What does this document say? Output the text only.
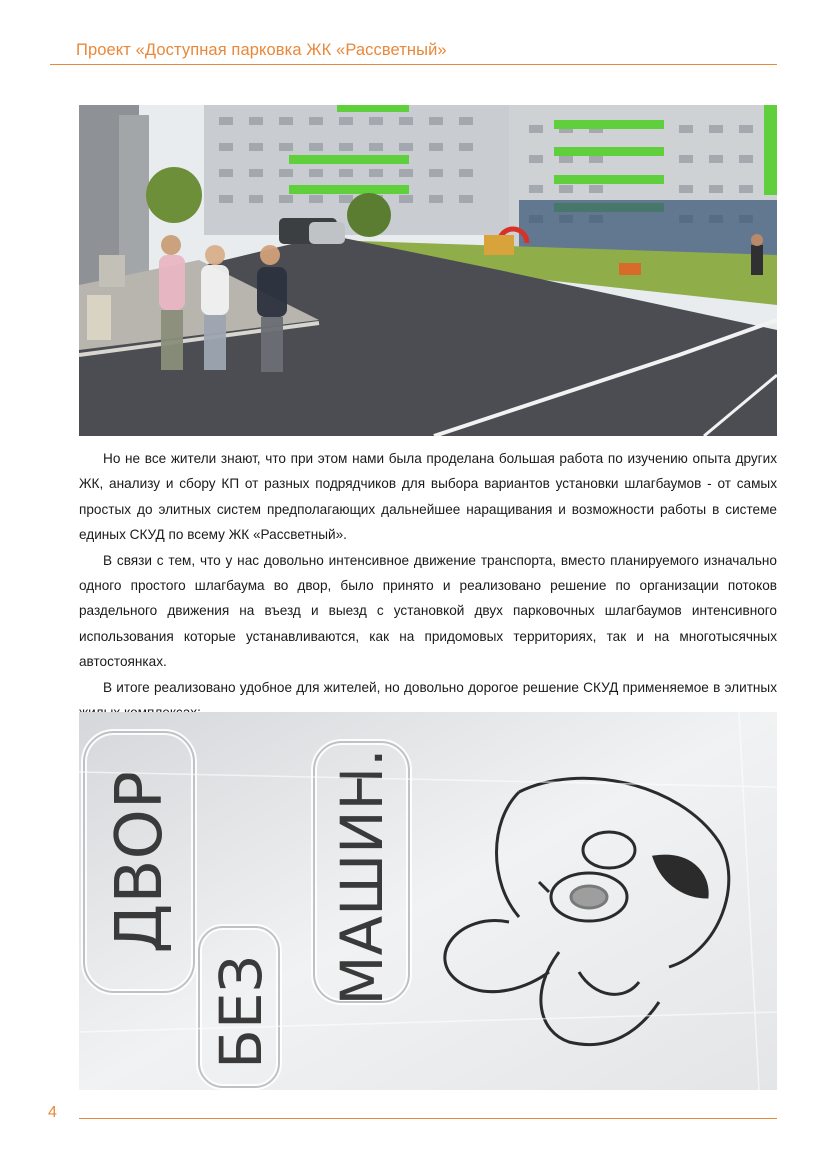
Проект «Доступная парковка ЖК «Рассветный»

Но не все жители знают, что при этом нами была проделана большая работа по изучению опыта других ЖК, анализу и сбору КП от разных подрядчиков для выбора вариантов установки шлагбаумов - от самых простых до элитных систем предполагающих дальнейшее наращивания и возможности работы в системе единых СКУД по всему ЖК «Рассветный».

В связи с тем, что у нас довольно интенсивное движение транспорта, вместо планируемого изначально одного простого шлагбаума во двор, было принято и реализовано решение по организации потоков раздельного движения на въезд и выезд с установкой двух парковочных шлагбаумов интенсивного использования которые устанавливаются, как на придомовых территориях, так и на многотысячных автостоянках.

В итоге реализовано удобное для жителей, но довольно дорогое решение СКУД применяемое в элитных

ДВОР
БЕЗ
МАШИН.
4
